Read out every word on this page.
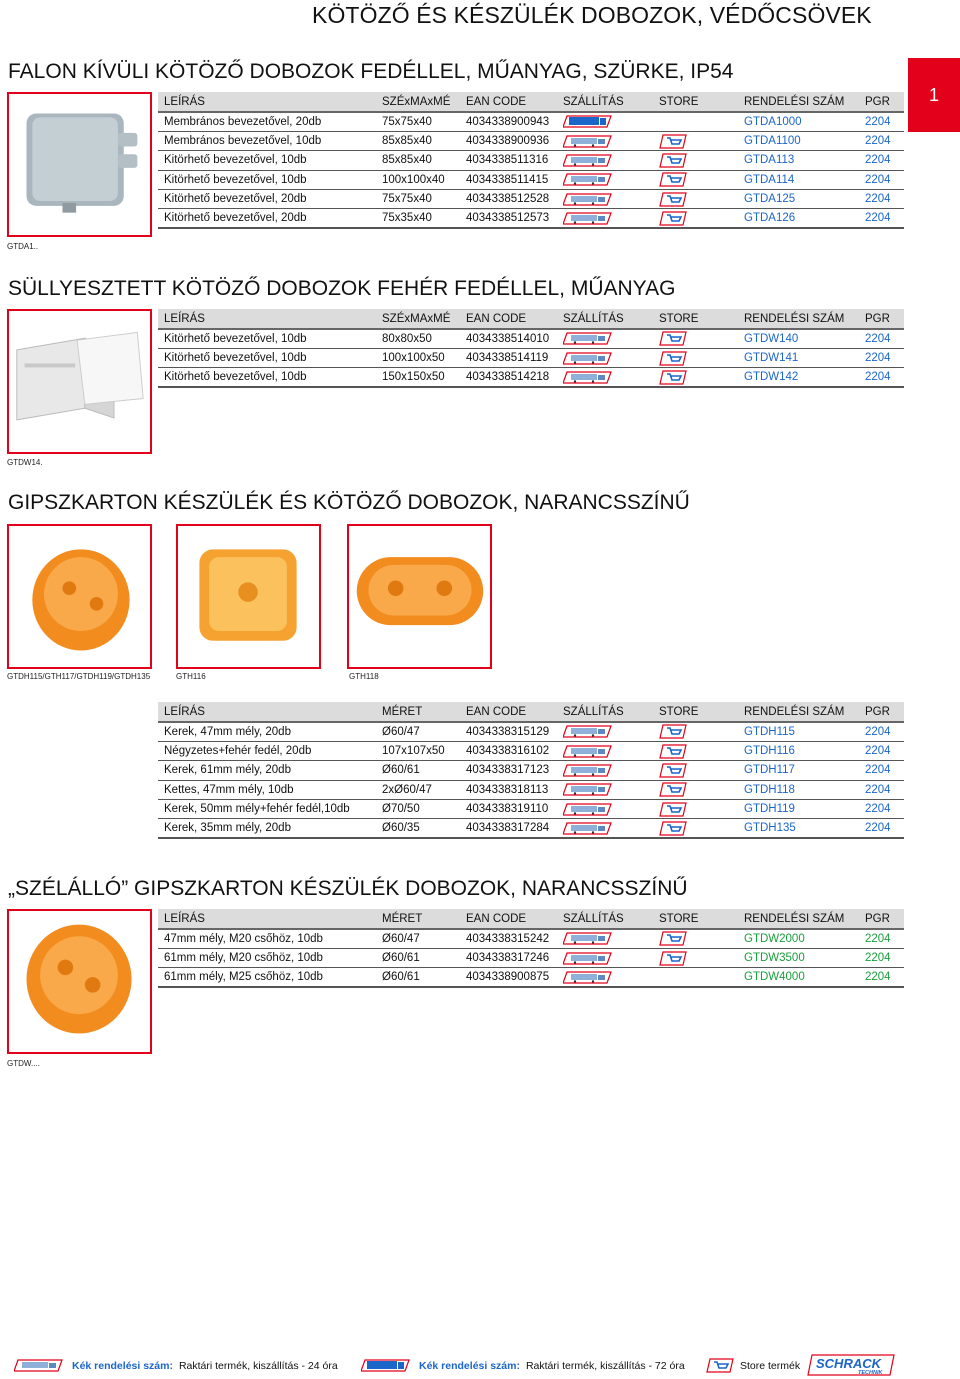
KÖTÖZŐ ÉS KÉSZÜLÉK DOBOZOK, VÉDŐCSÖVEK
1
FALON KÍVÜLI KÖTÖZŐ DOBOZOK FEDÉLLEL, MŰANYAG, SZÜRKE, IP54
GTDA1..
LEÍRÁS	SZÉxMAxMÉ	EAN CODE	SZÁLLÍTÁS	STORE	RENDELÉSI SZÁM	PGR
Membrános bevezetővel, 20db	75x75x40	4034338900943			GTDA1000	2204
Membrános bevezetővel, 10db	85x85x40	4034338900936			GTDA1100	2204
Kitörhető bevezetővel, 10db	85x85x40	4034338511316			GTDA113	2204
Kitörhető bevezetővel, 10db	100x100x40	4034338511415			GTDA114	2204
Kitörhető bevezetővel, 20db	75x75x40	4034338512528			GTDA125	2204
Kitörhető bevezetővel, 20db	75x35x40	4034338512573			GTDA126	2204
SÜLLYESZTETT KÖTÖZŐ DOBOZOK FEHÉR FEDÉLLEL, MŰANYAG
GTDW14.
LEÍRÁS	SZÉxMAxMÉ	EAN CODE	SZÁLLÍTÁS	STORE	RENDELÉSI SZÁM	PGR
Kitörhető bevezetővel, 10db	80x80x50	4034338514010			GTDW140	2204
Kitörhető bevezetővel, 10db	100x100x50	4034338514119			GTDW141	2204
Kitörhető bevezetővel, 10db	150x150x50	4034338514218			GTDW142	2204
GIPSZKARTON KÉSZÜLÉK ÉS KÖTÖZŐ DOBOZOK, NARANCSSZÍNŰ
GTDH115/GTH117/GTDH119/GTDH135	GTH116	GTH118
LEÍRÁS	MÉRET	EAN CODE	SZÁLLÍTÁS	STORE	RENDELÉSI SZÁM	PGR
Kerek, 47mm mély, 20db	Ø60/47	4034338315129			GTDH115	2204
Négyzetes+fehér fedél, 20db	107x107x50	4034338316102			GTDH116	2204
Kerek, 61mm mély, 20db	Ø60/61	4034338317123			GTDH117	2204
Kettes, 47mm mély, 10db	2xØ60/47	4034338318113			GTDH118	2204
Kerek, 50mm mély+fehér fedél,10db	Ø70/50	4034338319110			GTDH119	2204
Kerek, 35mm mély, 20db	Ø60/35	4034338317284			GTDH135	2204
„SZÉLÁLLÓ” GIPSZKARTON KÉSZÜLÉK DOBOZOK, NARANCSSZÍNŰ
GTDW....
LEÍRÁS	MÉRET	EAN CODE	SZÁLLÍTÁS	STORE	RENDELÉSI SZÁM	PGR
47mm mély, M20 csőhöz, 10db	Ø60/47	4034338315242			GTDW2000	2204
61mm mély, M20 csőhöz, 10db	Ø60/61	4034338317246			GTDW3500	2204
61mm mély, M25 csőhöz, 10db	Ø60/61	4034338900875			GTDW4000	2204
Kék rendelési szám: Raktári termék, kiszállítás - 24 óra	Kék rendelési szám: Raktári termék, kiszállítás - 72 óra	Store termék SCHRACK
TECHNIK
